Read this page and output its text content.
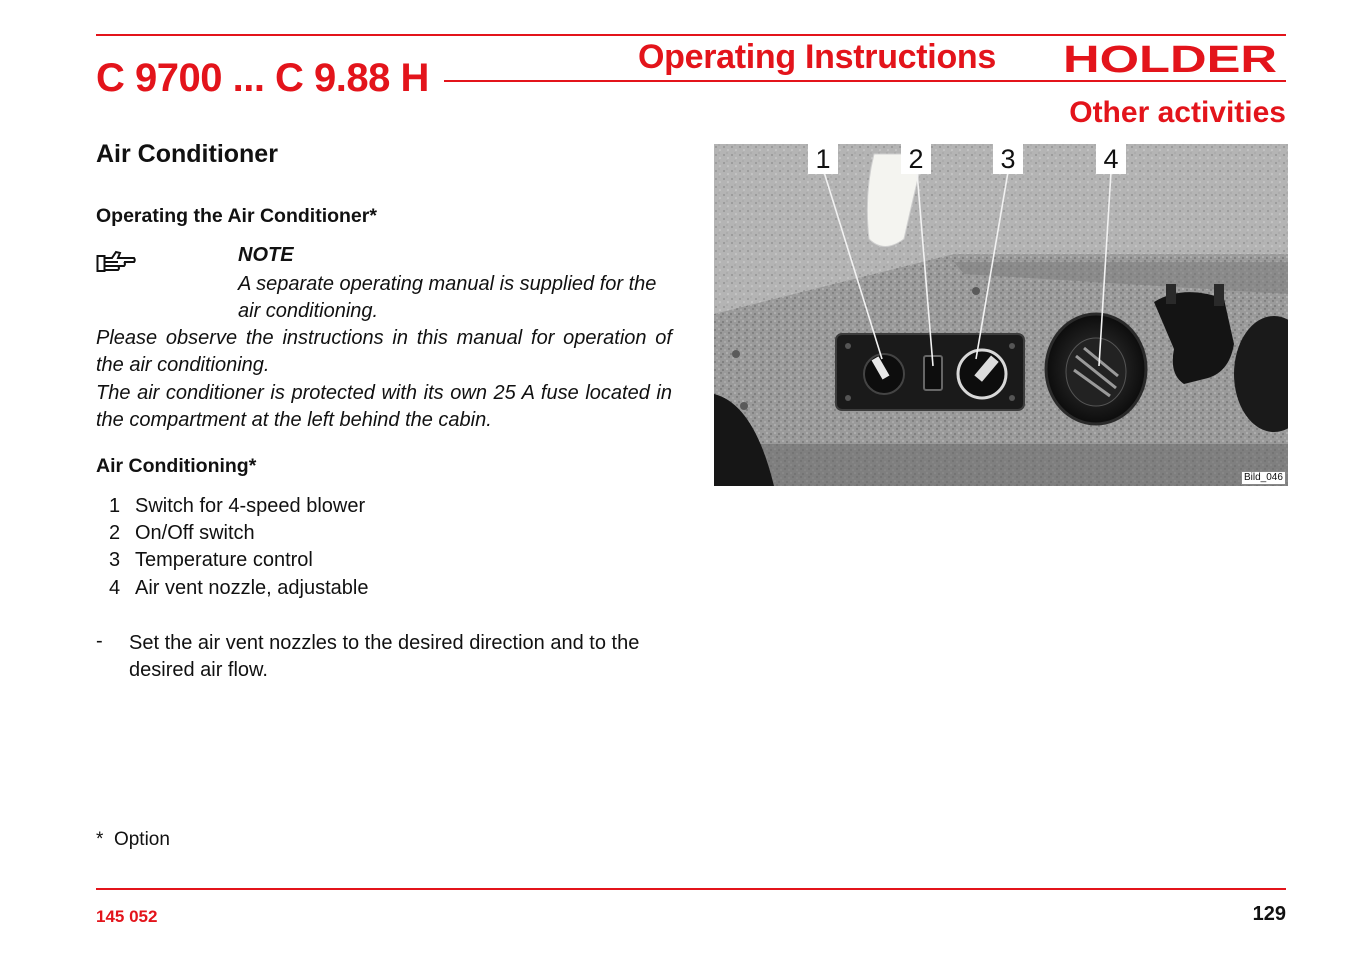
C 9700 ... C 9.88 H	Operating Instructions HOLDER
Other activities
Air Conditioner
Operating the Air Conditioner*
NOTE
A separate operating manual is supplied for the air conditioning.
Please observe the instructions in this manual for operation of the air conditioning.
The air conditioner is protected with its own 25 A fuse located in the compartment at the left behind the cabin.
Air Conditioning*
1 Switch for 4-speed blower
2 On/Off switch
3 Temperature control
4 Air vent nozzle, adjustable
- Set the air vent nozzles to the desired direction and to the desired air flow.
1	2	3	4
Bild_046
*  Option
145 052	129
